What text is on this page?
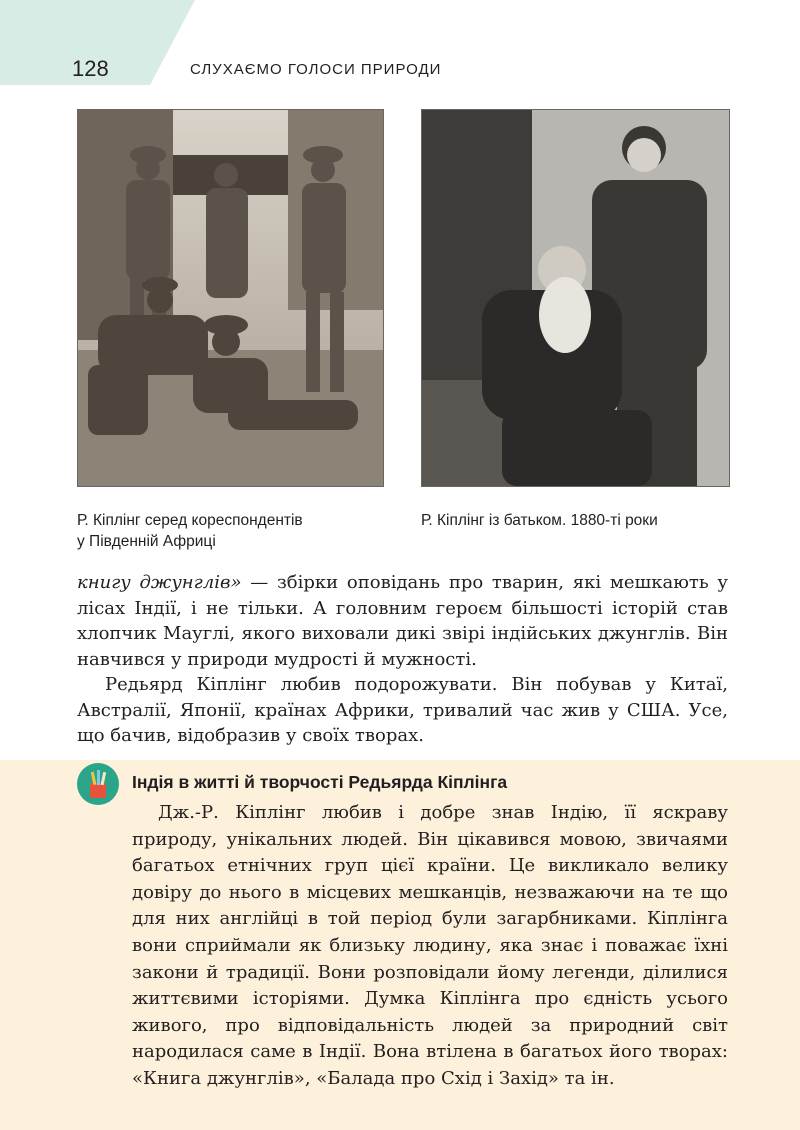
128	СЛУХАЄМО ГОЛОСИ ПРИРОДИ
Р. Кіплінг серед кореспондентів
у Південній Африці
Р. Кіплінг із батьком. 1880-ті роки

книгу джунглів» — збірки оповідань про тварин, які мешкають у лісах Індії, і не тільки. А головним героєм більшості історій став хлопчик Мауглі, якого виховали дикі звірі індійських джунглів. Він навчився у природи мудрості й мужності.

Редьярд Кіплінг любив подорожувати. Він побував у Китаї, Австралії, Японії, країнах Африки, тривалий час жив у США. Усе, що бачив, відобразив у своїх творах.

Індія в житті й творчості Редьярда Кіплінга

Дж.-Р. Кіплінг любив і добре знав Індію, її яскраву природу, унікальних людей. Він цікавився мовою, звичаями багатьох етнічних груп цієї країни. Це викликало велику довіру до нього в місцевих мешканців, незважаючи на те що для них англійці в той період були загарбниками. Кіплінга вони сприймали як близьку людину, яка знає і поважає їхні закони й традиції. Вони розповідали йому легенди, ділилися життєвими історіями. Думка Кіплінга про єдність усього живого, про відповідальність людей за природний світ народилася саме в Індії. Вона втілена в багатьох його творах: «Книга джунглів», «Балада про Схід і Захід» та ін.
